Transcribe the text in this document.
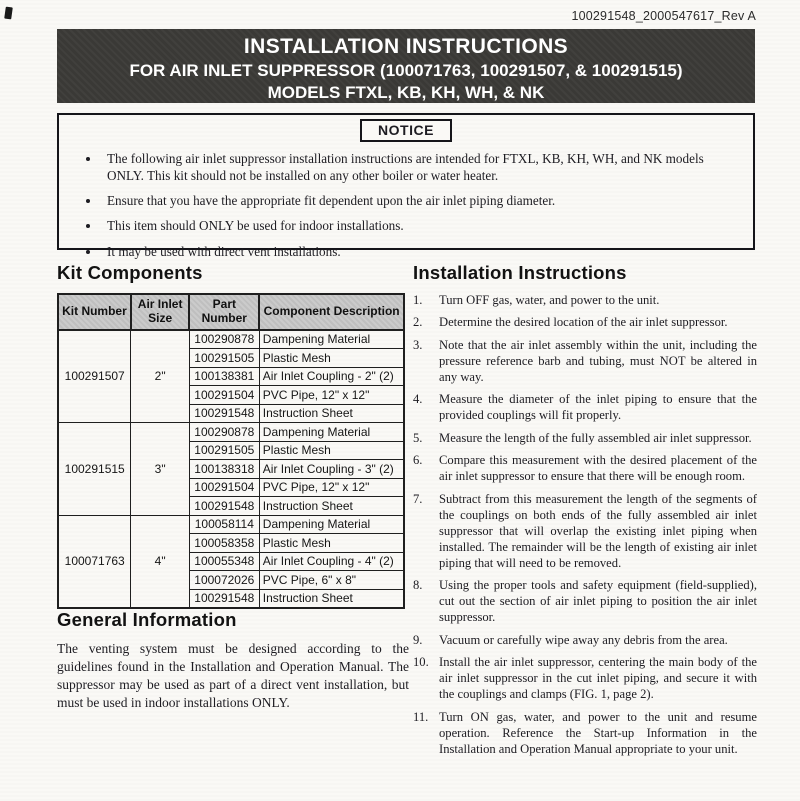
100291548_2000547617_Rev A
INSTALLATION INSTRUCTIONS
FOR AIR INLET SUPPRESSOR (100071763, 100291507, & 100291515)
MODELS FTXL, KB, KH, WH, & NK
NOTICE
• The following air inlet suppressor installation instructions are intended for FTXL, KB, KH, WH, and NK models ONLY. This kit should not be installed on any other boiler or water heater.
• Ensure that you have the appropriate fit dependent upon the air inlet piping diameter.
• This item should ONLY be used for indoor installations.
• It may be used with direct vent installations.
Kit Components
Kit Number	Air Inlet Size	Part Number	Component Description
100291507	2"	100290878	Dampening Material
		100291505	Plastic Mesh
		100138381	Air Inlet Coupling - 2" (2)
		100291504	PVC Pipe, 12" x 12"
		100291548	Instruction Sheet
100291515	3"	100290878	Dampening Material
		100291505	Plastic Mesh
		100138318	Air Inlet Coupling - 3" (2)
		100291504	PVC Pipe, 12" x 12"
		100291548	Instruction Sheet
100071763	4"	100058114	Dampening Material
		100058358	Plastic Mesh
		100055348	Air Inlet Coupling - 4" (2)
		100072026	PVC Pipe, 6" x 8"
		100291548	Instruction Sheet
General Information

The venting system must be designed according to the guidelines found in the Installation and Operation Manual. The suppressor may be used as part of a direct vent installation, but must be used in indoor installations ONLY.

Installation Instructions
1.	Turn OFF gas, water, and power to the unit.
2.	Determine the desired location of the air inlet suppressor.
3.	Note that the air inlet assembly within the unit, including the pressure reference barb and tubing, must NOT be altered in any way.
4.	Measure the diameter of the inlet piping to ensure that the provided couplings will fit properly.
5.	Measure the length of the fully assembled air inlet suppressor.
6.	Compare this measurement with the desired placement of the air inlet suppressor to ensure that there will be enough room.
7.	Subtract from this measurement the length of the segments of the couplings on both ends of the fully assembled air inlet suppressor that will overlap the existing inlet piping when installed. The remainder will be the length of existing air inlet piping that will need to be removed.
8.	Using the proper tools and safety equipment (field-supplied), cut out the section of air inlet piping to position the air inlet suppressor.
9.	Vacuum or carefully wipe away any debris from the area.
10. Install the air inlet suppressor, centering the main body of the air inlet suppressor in the cut inlet piping, and secure it with the couplings and clamps (FIG. 1, page 2).
11. Turn ON gas, water, and power to the unit and resume operation. Reference the Start-up Information in the Installation and Operation Manual appropriate to your unit.
